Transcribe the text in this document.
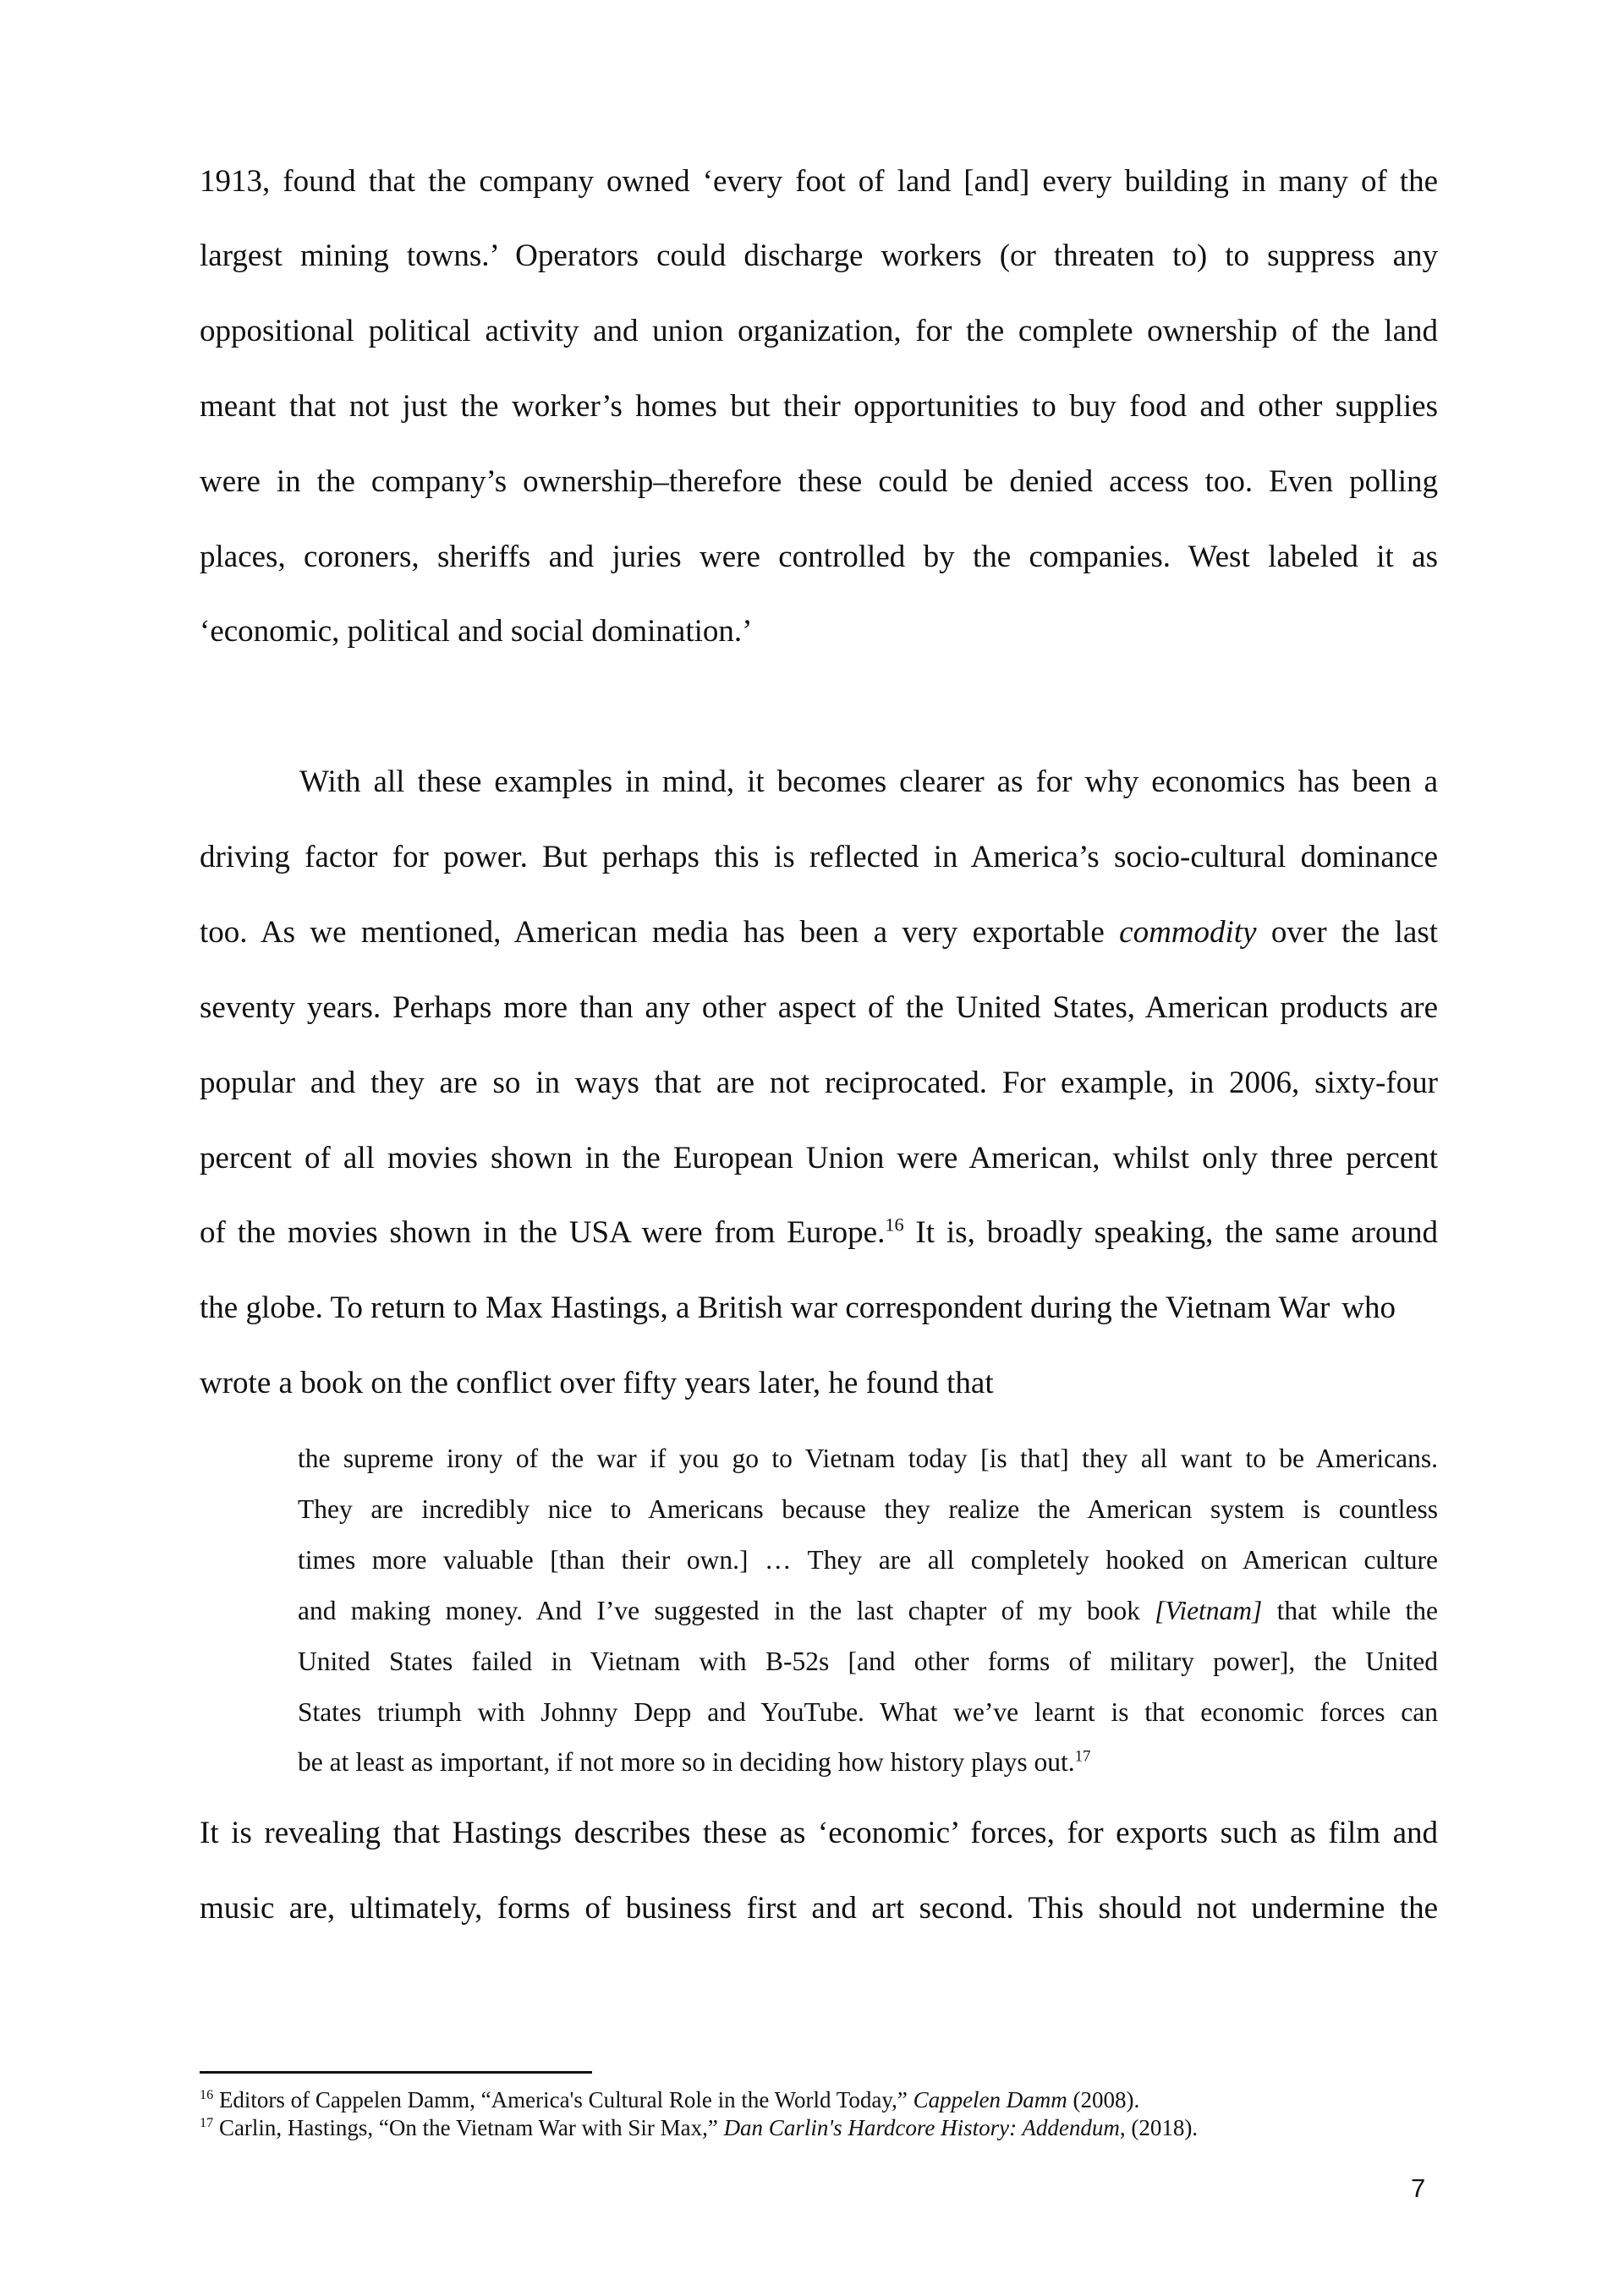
1913, found that the company owned ‘every foot of land [and] every building in many of the
largest mining towns.’ Operators could discharge workers (or threaten to) to suppress any
oppositional political activity and union organization, for the complete ownership of the land
meant that not just the worker’s homes but their opportunities to buy food and other supplies
were in the company’s ownership–therefore these could be denied access too. Even polling
places, coroners, sheriffs and juries were controlled by the companies. West labeled it as
‘economic, political and social domination.’
With all these examples in mind, it becomes clearer as for why economics has been a
driving factor for power. But perhaps this is reflected in America’s socio-cultural dominance
too. As we mentioned, American media has been a very exportable commodity over the last
seventy years. Perhaps more than any other aspect of the United States, American products are
popular and they are so in ways that are not reciprocated. For example, in 2006, sixty-four
percent of all movies shown in the European Union were American, whilst only three percent
of the movies shown in the USA were from Europe.$^{16}$ It is, broadly speaking, the same around
the globe. To return to Max Hastings, a British war correspondent during the Vietnam War who
wrote a book on the conflict over fifty years later, he found that
the supreme irony of the war if you go to Vietnam today [is that] they all want to be Americans.
They are incredibly nice to Americans because they realize the American system is countless
times more valuable [than their own.] … They are all completely hooked on American culture
and making money. And I’ve suggested in the last chapter of my book [Vietnam] that while the
United States failed in Vietnam with B-52s [and other forms of military power], the United
States triumph with Johnny Depp and YouTube. What we’ve learnt is that economic forces can
be at least as important, if not more so in deciding how history plays out.$^{17}$
It is revealing that Hastings describes these as ‘economic’ forces, for exports such as film and
music are, ultimately, forms of business first and art second. This should not undermine the
$^{16}$ Editors of Cappelen Damm, “America's Cultural Role in the World Today,” Cappelen Damm (2008).
$^{17}$ Carlin, Hastings, “On the Vietnam War with Sir Max,” Dan Carlin's Hardcore History: Addendum, (2018).
7
